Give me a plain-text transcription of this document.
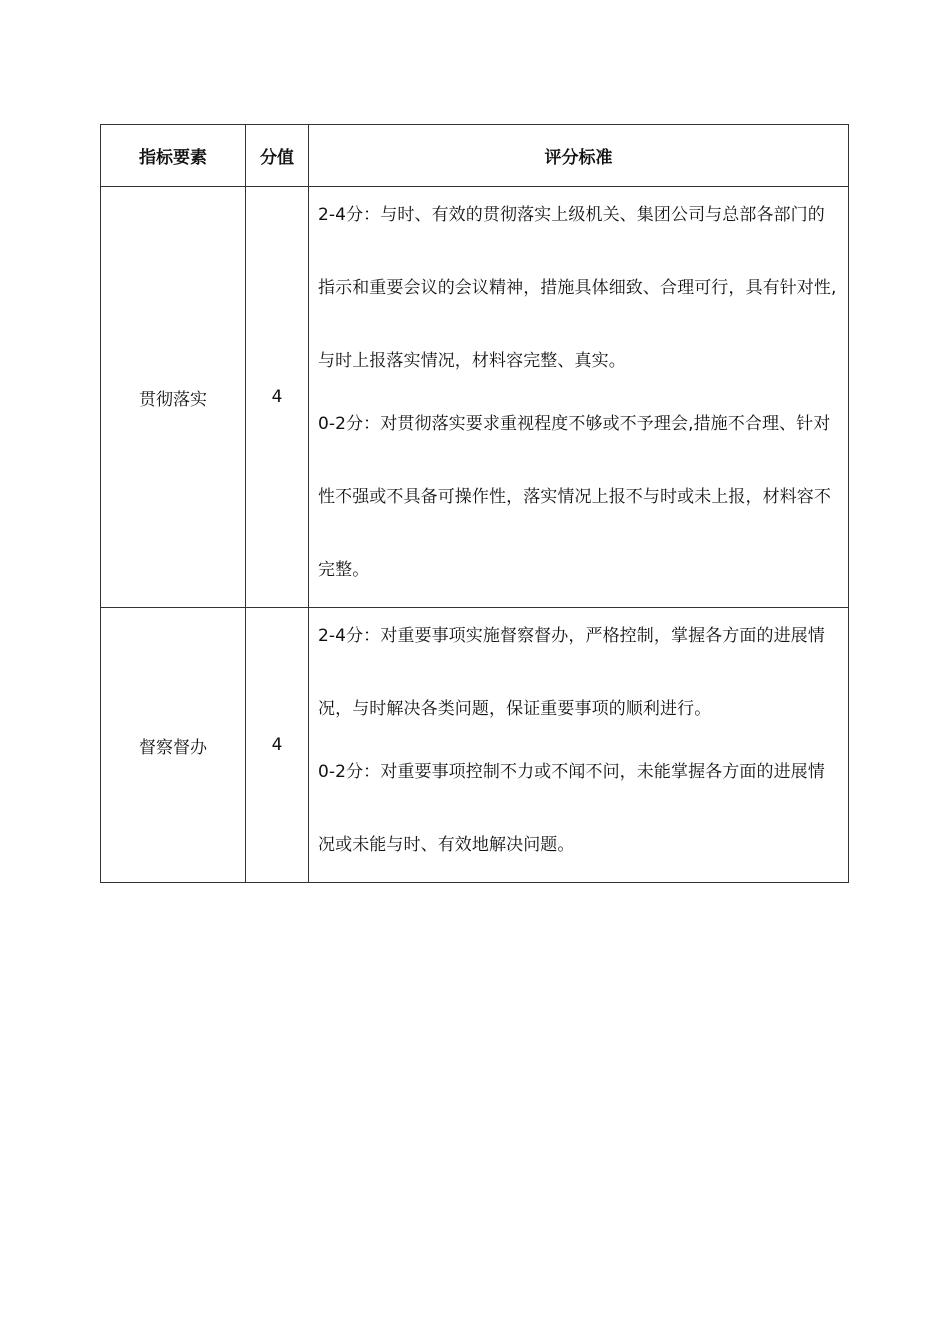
指标要素	分值	评分标准
贯彻落实	4	2-4分：与时、有效的贯彻落实上级机关、集团公司与总部各部门的指示和重要会议的会议精神，措施具体细致、合理可行，具有针对性,与时上报落实情况，材料容完整、真实。

0-2分：对贯彻落实要求重视程度不够或不予理会,措施不合理、针对性不强或不具备可操作性，落实情况上报不与时或未上报，材料容不完整。

督察督办	4	2-4分：对重要事项实施督察督办，严格控制，掌握各方面的进展情况，与时解决各类问题，保证重要事项的顺利进行。

0-2分：对重要事项控制不力或不闻不问，未能掌握各方面的进展情况或未能与时、有效地解决问题。
